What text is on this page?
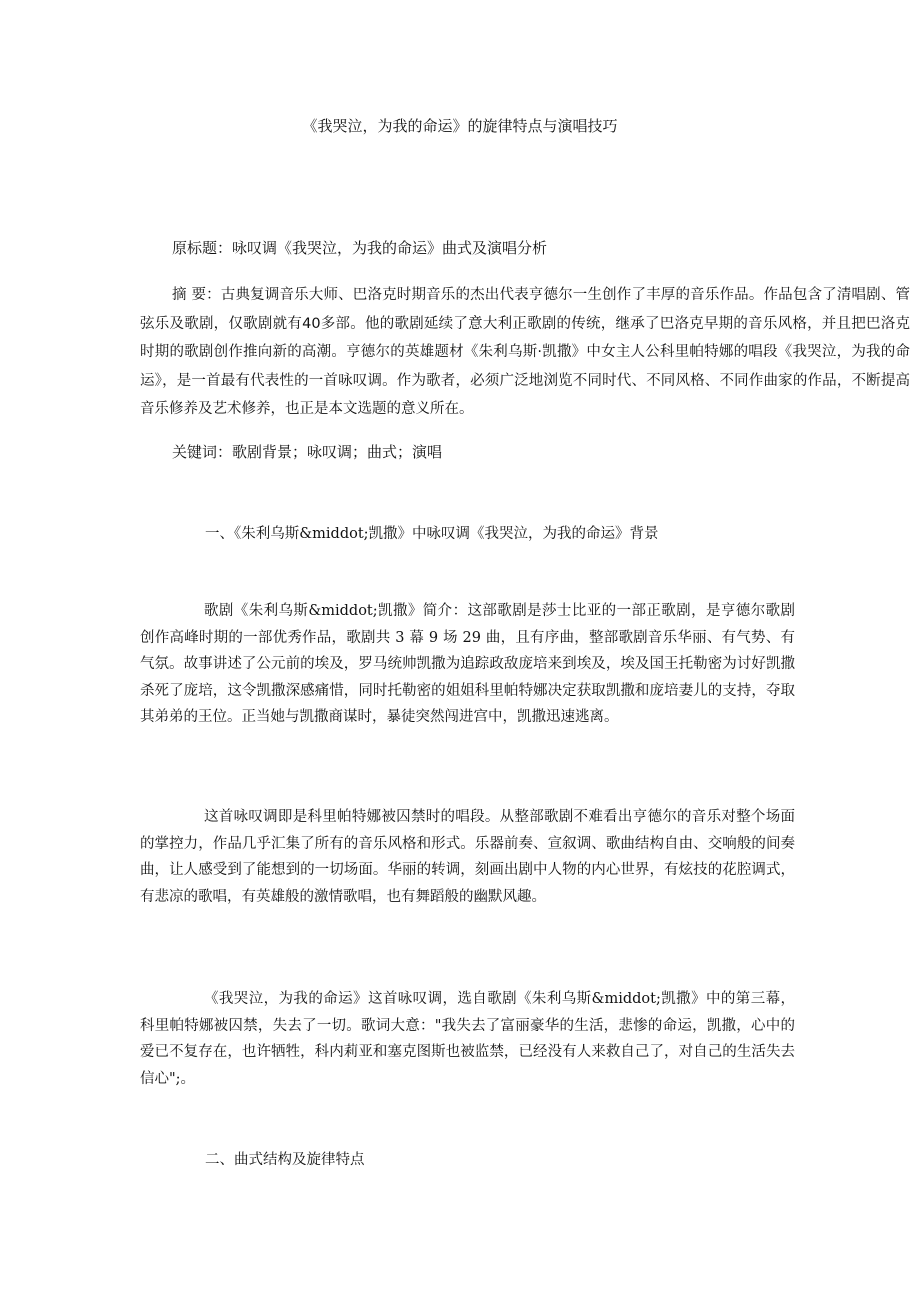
《我哭泣，为我的命运》的旋律特点与演唱技巧

原标题：咏叹调《我哭泣，为我的命运》曲式及演唱分析

摘 要：古典复调音乐大师、巴洛克时期音乐的杰出代表亨德尔一生创作了丰厚的音乐作品。作品包含了清唱剧、管弦乐及歌剧，仅歌剧就有40多部。他的歌剧延续了意大利正歌剧的传统，继承了巴洛克早期的音乐风格，并且把巴洛克时期的歌剧创作推向新的高潮。亨德尔的英雄题材《朱利乌斯·凯撒》中女主人公科里帕特娜的唱段《我哭泣，为我的命运》，是一首最有代表性的一首咏叹调。作为歌者，必须广泛地浏览不同时代、不同风格、不同作曲家的作品，不断提高音乐修养及艺术修养，也正是本文选题的意义所在。

关键词：歌剧背景；咏叹调；曲式；演唱

一、《朱利乌斯&middot;凯撒》中咏叹调《我哭泣，为我的命运》背景

歌剧《朱利乌斯&middot;凯撒》简介：这部歌剧是莎士比亚的一部正歌剧，是亨德尔歌剧创作高峰时期的一部优秀作品，歌剧共 3 幕 9 场 29 曲，且有序曲，整部歌剧音乐华丽、有气势、有气氛。故事讲述了公元前的埃及，罗马统帅凯撒为追踪政敌庞培来到埃及，埃及国王托勒密为讨好凯撒杀死了庞培，这令凯撒深感痛惜，同时托勒密的姐姐科里帕特娜决定获取凯撒和庞培妻儿的支持，夺取其弟弟的王位。正当她与凯撒商谋时，暴徒突然闯进宫中，凯撒迅速逃离。

这首咏叹调即是科里帕特娜被囚禁时的唱段。从整部歌剧不难看出亨德尔的音乐对整个场面的掌控力，作品几乎汇集了所有的音乐风格和形式。乐器前奏、宣叙调、歌曲结构自由、交响般的间奏曲，让人感受到了能想到的一切场面。华丽的转调，刻画出剧中人物的内心世界，有炫技的花腔调式，有悲凉的歌唱，有英雄般的激情歌唱，也有舞蹈般的幽默风趣。

《我哭泣，为我的命运》这首咏叹调，选自歌剧《朱利乌斯&middot;凯撒》中的第三幕，科里帕特娜被囚禁，失去了一切。歌词大意："我失去了富丽豪华的生活，悲惨的命运，凯撒，心中的爱已不复存在，也许牺牲，科内莉亚和塞克图斯也被监禁，已经没有人来救自己了，对自己的生活失去信心";。

二、曲式结构及旋律特点
